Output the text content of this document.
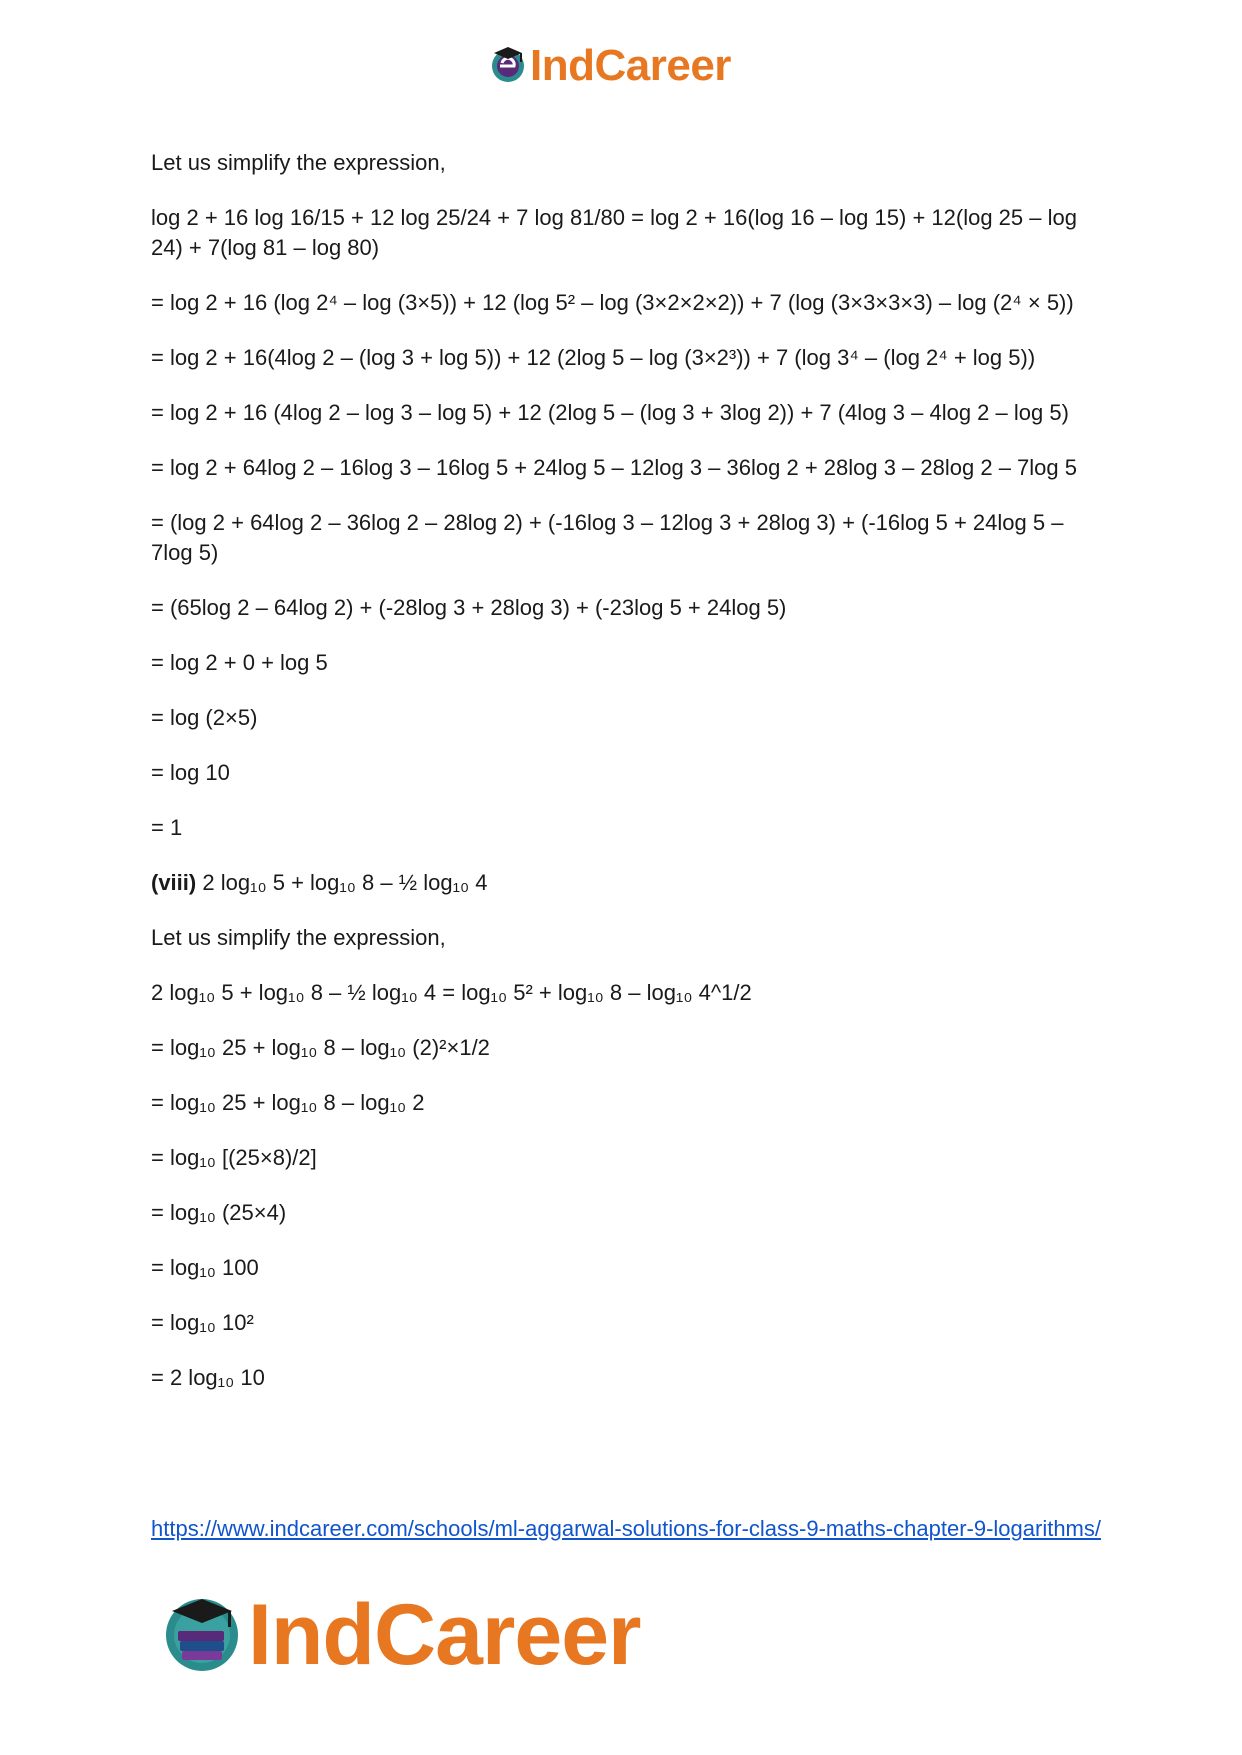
IndCareer

Let us simplify the expression,

log 2 + 16 log 16/15 + 12 log 25/24 + 7 log 81/80 = log 2 + 16(log 16 – log 15) + 12(log 25 – log 24) + 7(log 81 – log 80)

= log 2 + 16 (log 2⁴ – log (3×5)) + 12 (log 5² – log (3×2×2×2)) + 7 (log (3×3×3×3) – log (2⁴ × 5))

= log 2 + 16(4log 2 – (log 3 + log 5)) + 12 (2log 5 – log (3×2³)) + 7 (log 3⁴ – (log 2⁴ + log 5))

= log 2 + 16 (4log 2 – log 3 – log 5) + 12 (2log 5 – (log 3 + 3log 2)) + 7 (4log 3 – 4log 2 – log 5)

= log 2 + 64log 2 – 16log 3 – 16log 5 + 24log 5 – 12log 3 – 36log 2 + 28log 3 – 28log 2 – 7log 5

= (log 2 + 64log 2 – 36log 2 – 28log 2) + (-16log 3 – 12log 3 + 28log 3) + (-16log 5 + 24log 5 – 7log 5)

= (65log 2 – 64log 2) + (-28log 3 + 28log 3) + (-23log 5 + 24log 5)

= log 2 + 0 + log 5

= log (2×5)

= log 10

= 1

(viii) 2 log₁₀ 5 + log₁₀ 8 – ½ log₁₀ 4

Let us simplify the expression,

2 log₁₀ 5 + log₁₀ 8 – ½ log₁₀ 4 = log₁₀ 5² + log₁₀ 8 – log₁₀ 4^1/2

= log₁₀ 25 + log₁₀ 8 – log₁₀ (2)²×1/2

= log₁₀ 25 + log₁₀ 8 – log₁₀ 2

= log₁₀ [(25×8)/2]

= log₁₀ (25×4)

= log₁₀ 100

= log₁₀ 10²

= 2 log₁₀ 10

https://www.indcareer.com/schools/ml-aggarwal-solutions-for-class-9-maths-chapter-9-logarithms/
IndCareer
